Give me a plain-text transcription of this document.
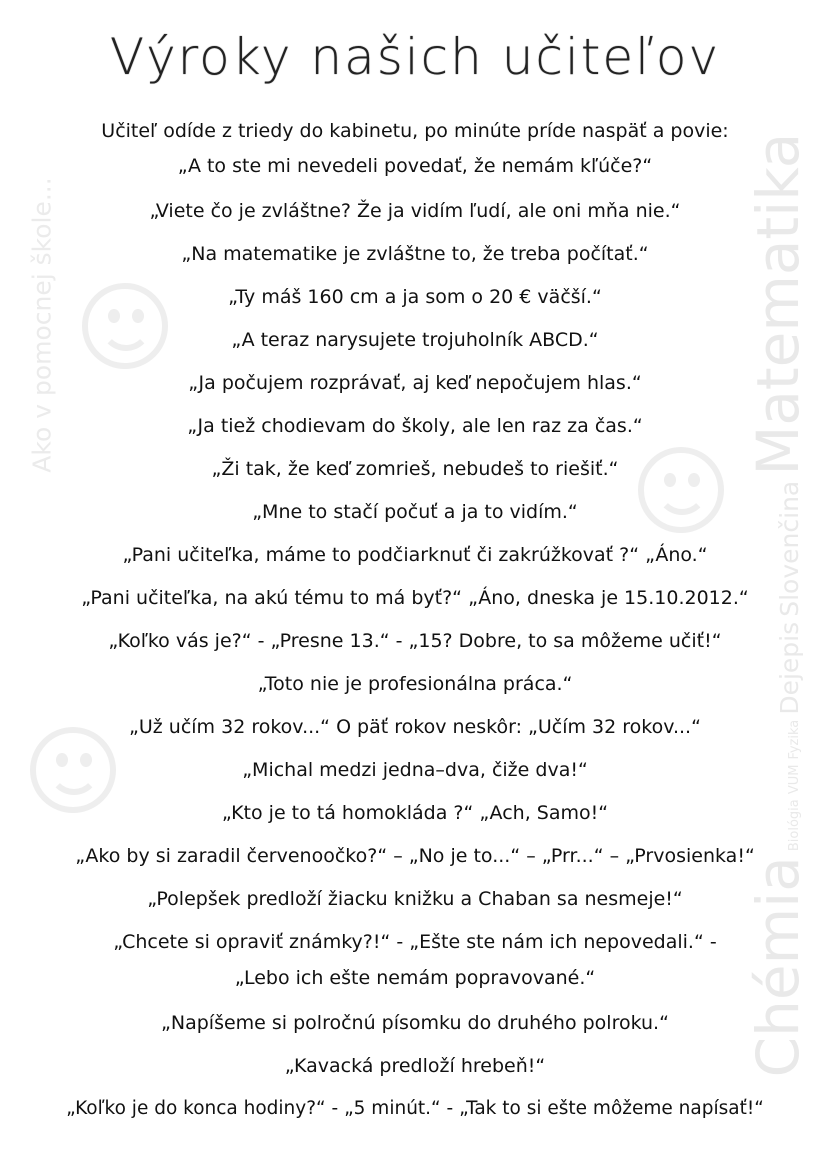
Ako v pomocnej škole...
Chémia Biológia VUM Fyzika Dejepis Slovenčina Matematika
Výroky našich učiteľov
Učiteľ odíde z triedy do kabinetu, po minúte príde naspäť a povie:
„A to ste mi nevedeli povedať, že nemám kľúče?“
„Viete čo je zvláštne? Že ja vidím ľudí, ale oni mňa nie.“
„Na matematike je zvláštne to, že treba počítať.“
„Ty máš 160 cm a ja som o 20 € väčší.“
„A teraz narysujete trojuholník ABCD.“
„Ja počujem rozprávať, aj keď nepočujem hlas.“
„Ja tiež chodievam do školy, ale len raz za čas.“
„Ži tak, že keď zomrieš, nebudeš to riešiť.“
„Mne to stačí počuť a ja to vidím.“
„Pani učiteľka, máme to podčiarknuť či zakrúžkovať ?“ „Áno.“
„Pani učiteľka, na akú tému to má byť?“ „Áno, dneska je 15.10.2012.“
„Koľko vás je?“ - „Presne 13.“ - „15? Dobre, to sa môžeme učiť!“
„Toto nie je profesionálna práca.“
„Už učím 32 rokov...“ O päť rokov neskôr: „Učím 32 rokov...“
„Michal medzi jedna–dva, čiže dva!“
„Kto je to tá homokláda ?“ „Ach, Samo!“
„Ako by si zaradil červenoočko?“ – „No je to...“ – „Prr...“ – „Prvosienka!“
„Polepšek predloží žiacku knižku a Chaban sa nesmeje!“
„Chcete si opraviť známky?!“ - „Ešte ste nám ich nepovedali.“ -
„Lebo ich ešte nemám popravované.“
„Napíšeme si polročnú písomku do druhého polroku.“
„Kavacká predloží hrebeň!“
„Koľko je do konca hodiny?“ - „5 minút.“ - „Tak to si ešte môžeme napísať!“
